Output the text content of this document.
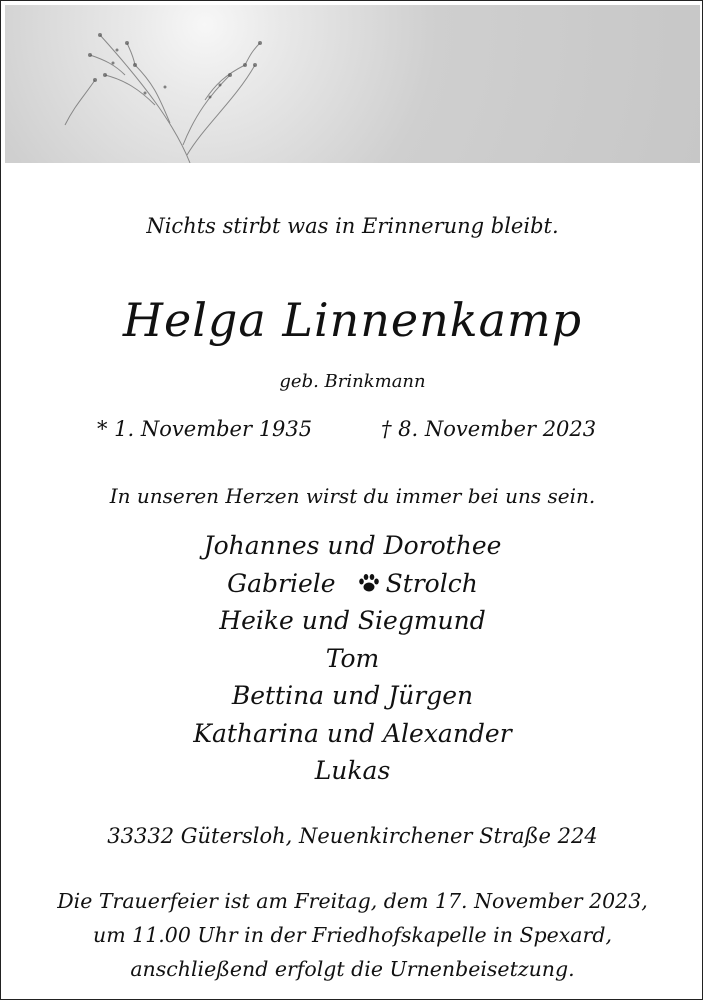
Nichts stirbt was in Erinnerung bleibt.
Helga Linnenkamp
geb. Brinkmann
* 1. November 1935	† 8. November 2023
In unseren Herzen wirst du immer bei uns sein.
Johannes und Dorothee
Gabriele Strolch
Heike und Siegmund
Tom
Bettina und Jürgen
Katharina und Alexander
Lukas
33332 Gütersloh, Neuenkirchener Straße 224
Die Trauerfeier ist am Freitag, dem 17. November 2023,
um 11.00 Uhr in der Friedhofskapelle in Spexard,
anschließend erfolgt die Urnenbeisetzung.
